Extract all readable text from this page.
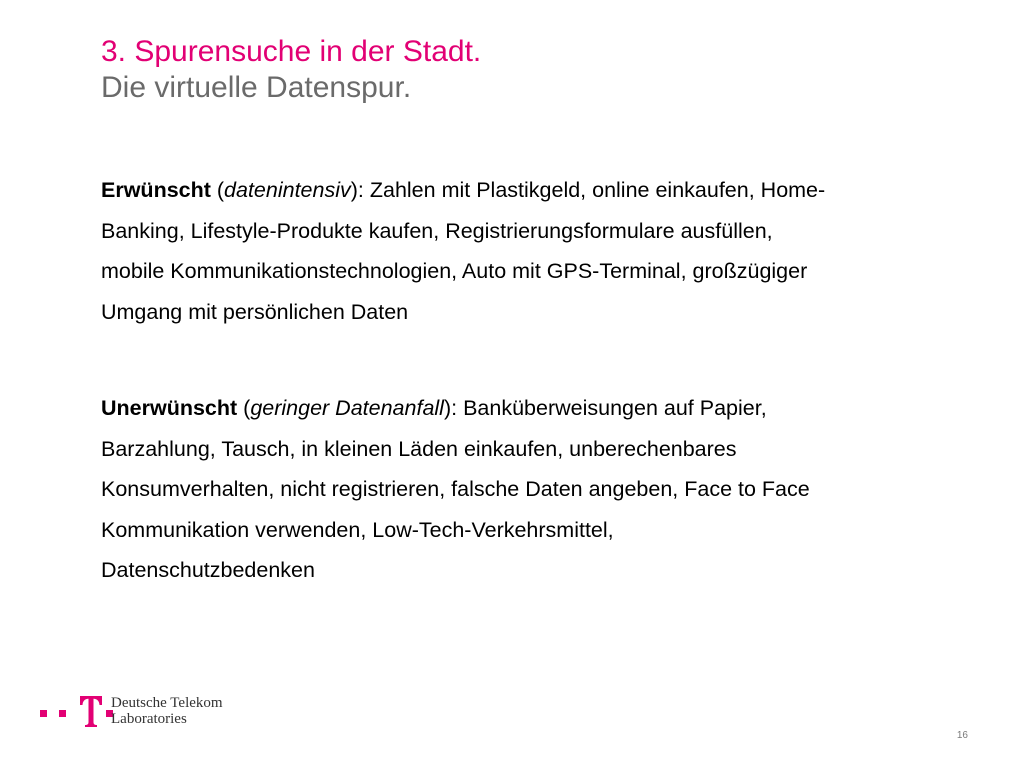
3. Spurensuche in der Stadt.
Die virtuelle Datenspur.
Erwünscht (datenintensiv): Zahlen mit Plastikgeld, online einkaufen, Home-
Banking, Lifestyle-Produkte kaufen, Registrierungsformulare ausfüllen,
mobile Kommunikationstechnologien, Auto mit GPS-Terminal, großzügiger
Umgang mit persönlichen Daten
Unerwünscht (geringer Datenanfall): Banküberweisungen auf Papier,
Barzahlung, Tausch, in kleinen Läden einkaufen, unberechenbares
Konsumverhalten, nicht registrieren, falsche Daten angeben, Face to Face
Kommunikation verwenden, Low-Tech-Verkehrsmittel,
Datenschutzbedenken
Deutsche Telekom
Laboratories
16
